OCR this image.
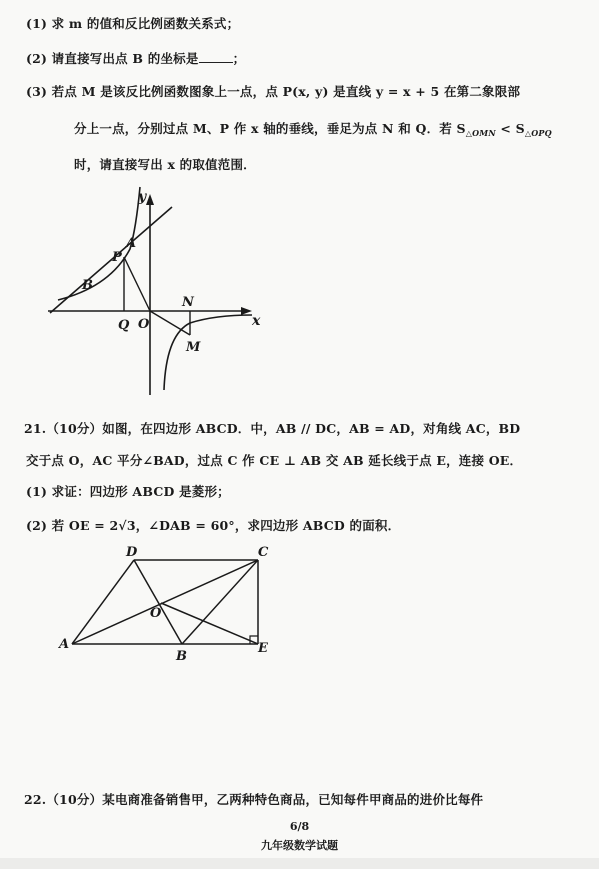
(1) 求 m 的值和反比例函数关系式；
(2) 请直接写出点 B 的坐标是	；
(3) 若点 M 是该反比例函数图象上一点，点 P(x, y) 是直线 y = x + 5 在第二象限部
分上一点，分别过点 M、P 作 x 轴的垂线，垂足为点 N 和 Q．若 $S_{\triangle OMN} < S_{\triangle OPQ}$
时，请直接写出 x 的取值范围．
y
x
A
P
B
Q O
N
M
21.（10分）如图，在四边形 ABCD．中，AB // DC，AB = AD，对角线 AC，BD
交于点 O，AC 平分∠BAD，过点 C 作 CE ⊥ AB 交 AB 延长线于点 E，连接 OE．
(1) 求证：四边形 ABCD 是菱形；
(2) 若 OE = 2√3，∠DAB = 60°，求四边形 ABCD 的面积．
D	C
O
A
B
E
22.（10分）某电商准备销售甲，乙两种特色商品，已知每件甲商品的进价比每件
6/8
九年级数学试题
